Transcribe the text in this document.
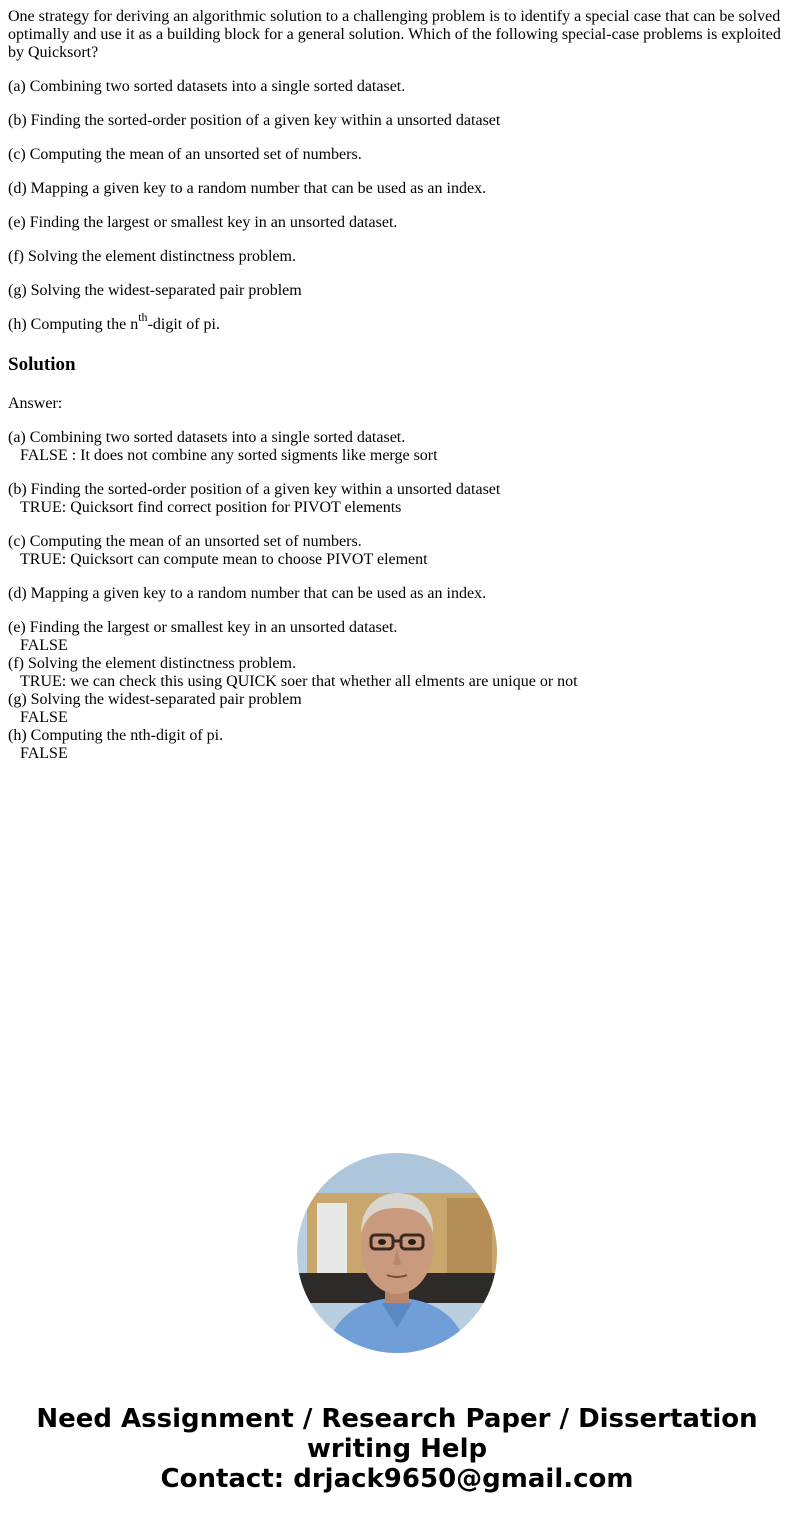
One strategy for deriving an algorithmic solution to a challenging problem is to identify a special case that can be solved optimally and use it as a building block for a general solution. Which of the following special-case problems is exploited by Quicksort?

(a) Combining two sorted datasets into a single sorted dataset.

(b) Finding the sorted-order position of a given key within a unsorted dataset

(c) Computing the mean of an unsorted set of numbers.

(d) Mapping a given key to a random number that can be used as an index.

(e) Finding the largest or smallest key in an unsorted dataset.

(f) Solving the element distinctness problem.

(g) Solving the widest-separated pair problem

(h) Computing the $n^{th}$-digit of pi.

Solution

Answer:

(a) Combining two sorted datasets into a single sorted dataset.
FALSE : It does not combine any sorted sigments like merge sort
(b) Finding the sorted-order position of a given key within a unsorted dataset
TRUE: Quicksort find correct position for PIVOT elements
(c) Computing the mean of an unsorted set of numbers.
TRUE: Quicksort can compute mean to choose PIVOT element
(d) Mapping a given key to a random number that can be used as an index.
(e) Finding the largest or smallest key in an unsorted dataset.
FALSE
(f) Solving the element distinctness problem.
TRUE: we can check this using QUICK soer that whether all elments are unique or not
(g) Solving the widest-separated pair problem
FALSE
(h) Computing the nth-digit of pi.
FALSE
Need Assignment / Research Paper / Dissertation
writing Help
Contact: drjack9650@gmail.com
